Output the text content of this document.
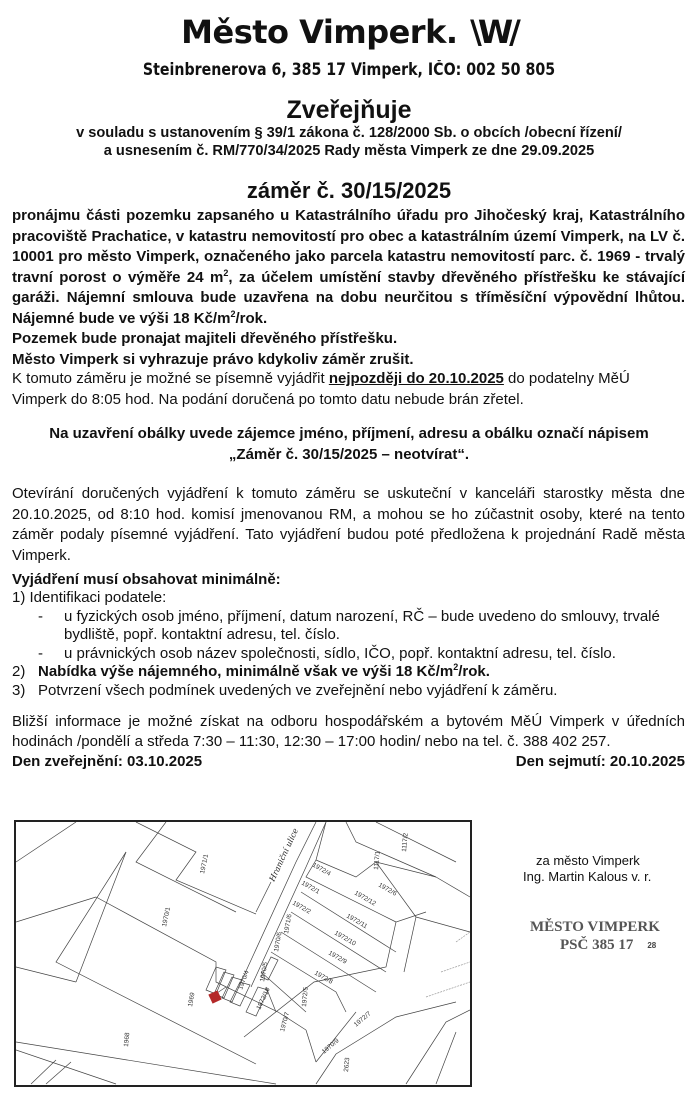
Město Vimperk. \W/
Steinbrenerova 6, 385 17 Vimperk, IČO: 002 50 805
Zveřejňuje
v souladu s ustanovením § 39/1 zákona č. 128/2000 Sb. o obcích /obecní řízení/
a usnesením č. RM/770/34/2025 Rady města Vimperk ze dne 29.09.2025
záměr č. 30/15/2025

pronájmu části pozemku zapsaného u Katastrálního úřadu pro Jihočeský kraj, Katastrálního pracoviště Prachatice, v katastru nemovitostí pro obec a katastrálním území Vimperk, na LV č. 10001 pro město Vimperk, označeného jako parcela katastru nemovitostí parc. č. 1969 - trvalý travní porost o výměře 24 $m^2$, za účelem umístění stavby dřevěného přístřešku ke stávající garáži. Nájemní smlouva bude uzavřena na dobu neurčitou s tříměsíční výpovědní lhůtou. Nájemné bude ve výši 18 $Kč/m^2$/rok.

Pozemek bude pronajat majiteli dřevěného přístřešku.

Město Vimperk si vyhrazuje právo kdykoliv záměr zrušit.

K tomuto záměru je možné se písemně vyjádřit nejpozději do 20.10.2025 do podatelny MěÚ Vimperk do 8:05 hod. Na podání doručená po tomto datu nebude brán zřetel.
Na uzavření obálky uvede zájemce jméno, příjmení, adresu a obálku označí nápisem
„Záměr č. 30/15/2025 – neotvírat“.
Otevírání doručených vyjádření k tomuto záměru se uskuteční v kanceláři starostky města dne 20.10.2025, od 8:10 hod. komisí jmenovanou RM, a mohou se ho zúčastnit osoby, které na tento záměr podaly písemné vyjádření. Tato vyjádření budou poté předložena k projednání Radě města Vimperk.
Vyjádření musí obsahovat minimálně:
1) Identifikaci podatele:
- u fyzických osob jméno, příjmení, datum narození, RČ – bude uvedeno do smlouvy, trvalé bydliště, popř. kontaktní adresu, tel. číslo.
- u právnických osob název společnosti, sídlo, IČO, popř. kontaktní adresu, tel. číslo.
2) Nabídka výše nájemného, minimálně však ve výši 18 $Kč/m^2$/rok.
3) Potvrzení všech podmínek uvedených ve zveřejnění nebo vyjádření k záměru.
Bližší informace je možné získat na odboru hospodářském a bytovém MěÚ Vimperk v úředních hodinách /pondělí a středa 7:30 – 11:30, 12:30 – 17:00 hodin/ nebo na tel. č. 388 402 257.
Den zveřejnění: 03.10.2025	Den sejmutí: 20.10.2025
1971/1
1970/1
1969
1968
1970/7
1972/5
1972/8
1972/9
1972/10
1972/11
1972/12 1972/6
1972/2
1972/1
1972/4
1970/5
1970/6
1971/6
1972/10
1970/9
1972/7
1117/1
1117/2
1970/4
2623
Hraniční ulice	za město Vimperk
Ing. Martin Kalous v. r.
MĚSTO VIMPERK
PSČ 385 17 28
